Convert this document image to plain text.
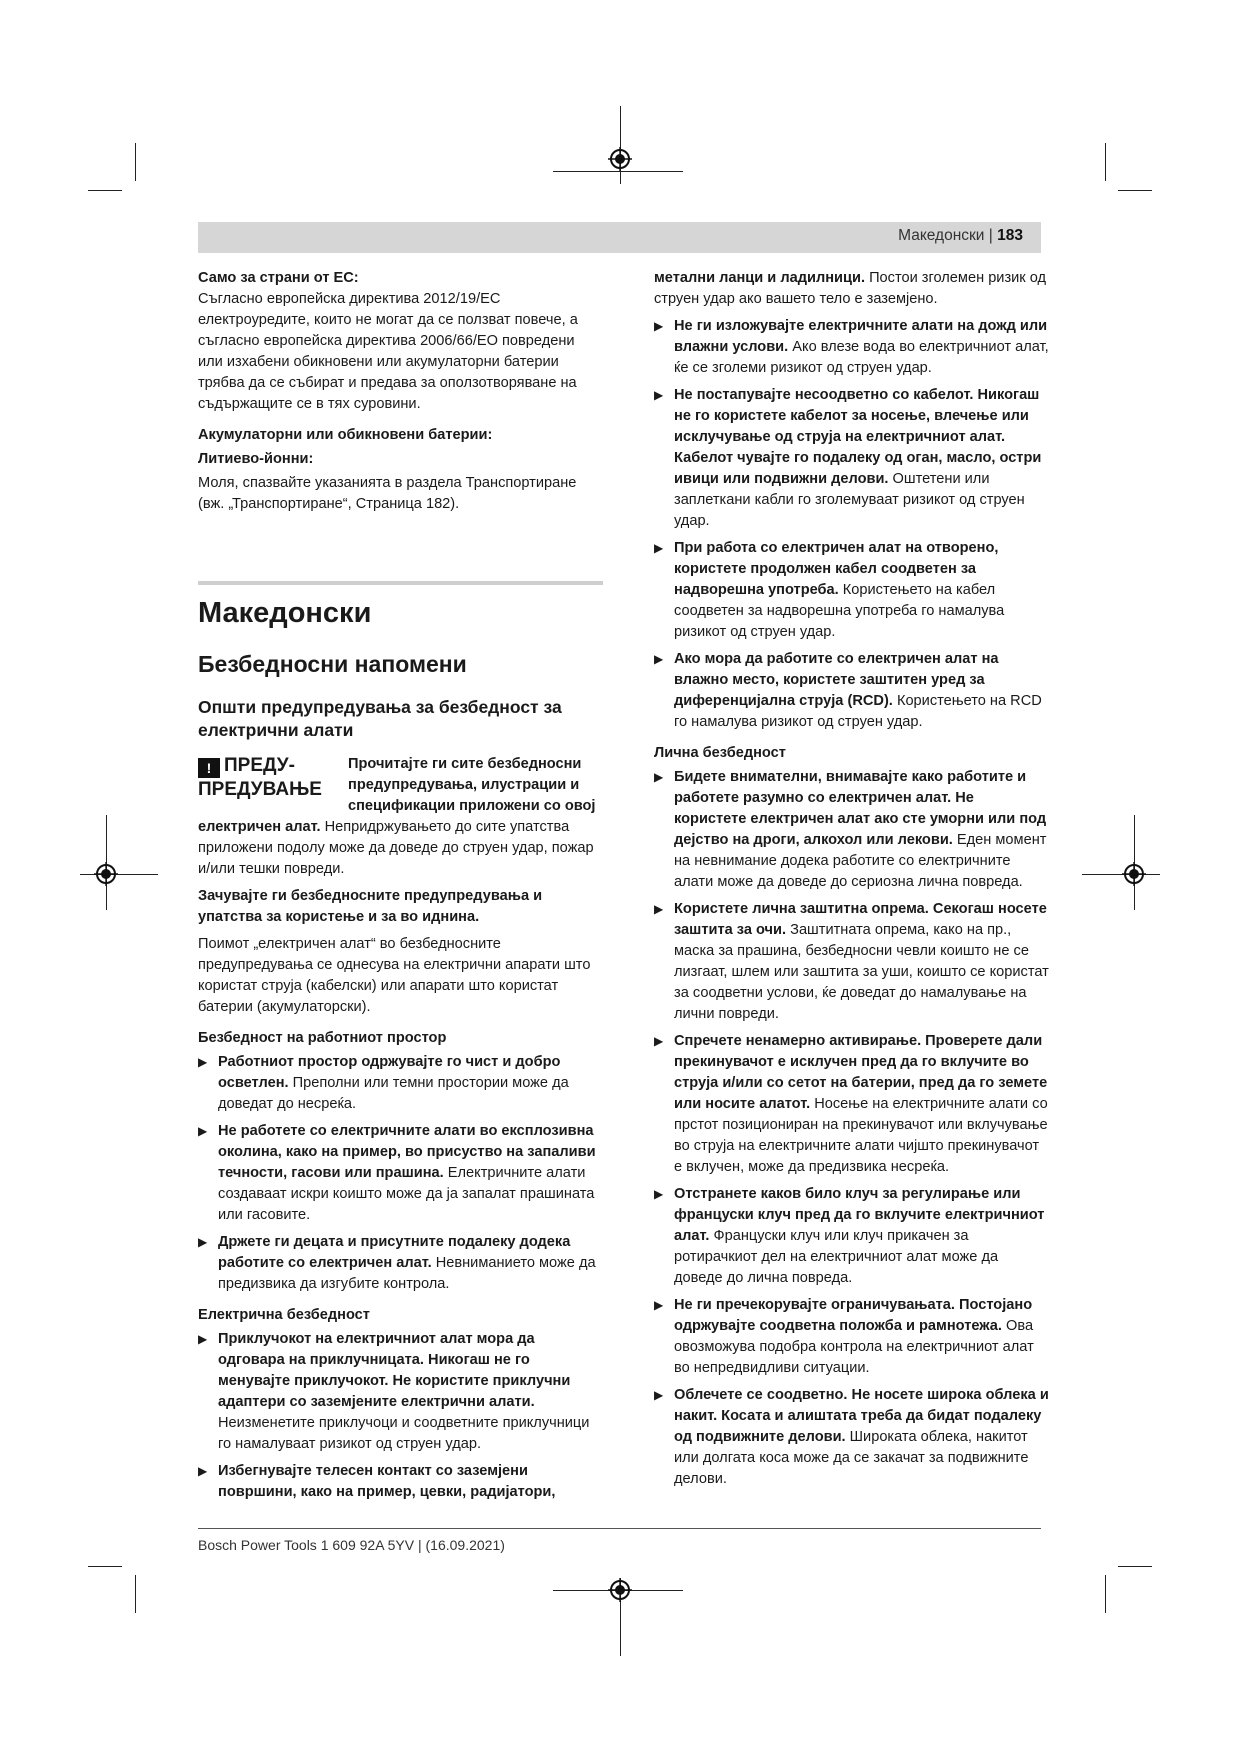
Македонски | 183

Само за страни от ЕС:

Съгласно европейска директива 2012/19/ЕС електроуредите, които не могат да се ползват повече, а съгласно европейска директива 2006/66/ЕО повредени или изхабени обикновени или акумулаторни батерии трябва да се събират и предава за оползотворяване на съдържащите се в тях суровини.

Акумулаторни или обикновени батерии:

Литиево-йонни:

Моля, спазвайте указанията в раздела Транспортиране (вж. „Транспортиране“, Страница 182).

Македонски
Безбедносни напомени
Општи предупредувања за безбедност за електрични алати
! ПРЕДУ-
ПРЕДУВАЊЕ

Прочитајте ги сите безбедносни предупредувања, илустрации и спецификации приложени со овој електричен алат. Непридржувањето до сите упатства приложени подолу може да доведе до струен удар, пожар и/или тешки повреди.

Зачувајте ги безбедносните предупредувања и упатства за користење и за во иднина.

Поимот „електричен алат“ во безбедносните предупредувања се однесува на електрични апарати што користат струја (кабелски) или апарати што користат батерии (акумулаторски).

Безбедност на работниот простор

▶ Работниот простор одржувајте го чист и добро осветлен. Преполни или темни простории може да доведат до несреќа.

▶ Не работете со електричните алати во експлозивна околина, како на пример, во присуство на запаливи течности, гасови или прашина. Електричните алати создаваат искри коишто може да ја запалат прашината или гасовите.

▶ Држете ги децата и присутните подалеку додека работите со електричен алат. Невниманието може да предизвика да изгубите контрола.

Електрична безбедност

▶ Приклучокот на електричниот алат мора да одговара на приклучницата. Никогаш не го менувајте приклучокот. Не користите приклучни адаптери со заземјените електрични алати. Неизменетите приклучоци и соодветните приклучници го намалуваат ризикот од струен удар.

▶ Избегнувајте телесен контакт со заземјени површини, како на пример, цевки, радијатори,

метални ланци и ладилници. Постои зголемен ризик од струен удар ако вашето тело е заземјено.

▶ Не ги изложувајте електричните алати на дожд или влажни услови. Ако влезе вода во електричниот алат, ќе се зголеми ризикот од струен удар.

▶ Не постапувајте несоодветно со кабелот. Никогаш не го користете кабелот за носење, влечење или исклучување од струја на електричниот алат. Кабелот чувајте го подалеку од оган, масло, остри ивици или подвижни делови. Оштетени или заплеткани кабли го зголемуваат ризикот од струен удар.

▶ При работа со електричен алат на отворено, користете продолжен кабел соодветен за надворешна употреба. Користењето на кабел соодветен за надворешна употреба го намалува ризикот од струен удар.

▶ Ако мора да работите со електричен алат на влажно место, користете заштитен уред за диференцијална струја (RCD). Користењето на RCD го намалува ризикот од струен удар.

Лична безбедност

▶ Бидете внимателни, внимавајте како работите и работете разумно со електричен алат. Не користете електричен алат ако сте уморни или под дејство на дроги, алкохол или лекови. Еден момент на невнимание додека работите со електричните алати може да доведе до сериозна лична повреда.

▶ Користете лична заштитна опрема. Секогаш носете заштита за очи. Заштитната опрема, како на пр., маска за прашина, безбедносни чевли коишто не се лизгаат, шлем или заштита за уши, коишто се користат за соодветни услови, ќе доведат до намалување на лични повреди.

▶ Спречете ненамерно активирање. Проверете дали прекинувачот е исклучен пред да го вклучите во струја и/или со сетот на батерии, пред да го земете или носите алатот. Носење на електричните алати со прстот позициониран на прекинувачот или вклучување во струја на електричните алати чијшто прекинувачот е вклучен, може да предизвика несреќа.

▶ Отстранете каков било клуч за регулирање или француски клуч пред да го вклучите електричниот алат. Француски клуч или клуч прикачен за ротирачкиот дел на електричниот алат може да доведе до лична повреда.

▶ Не ги пречекорувајте ограничувањата. Постојано одржувајте соодветна положба и рамнотежа. Ова овозможува подобра контрола на електричниот алат во непредвидливи ситуации.

▶ Облечете се соодветно. Не носете широка облека и накит. Косата и алиштата треба да бидат подалеку од подвижните делови. Широката облека, накитот или долгата коса може да се закачат за подвижните делови.

Bosch Power Tools 1 609 92A 5YV | (16.09.2021)
